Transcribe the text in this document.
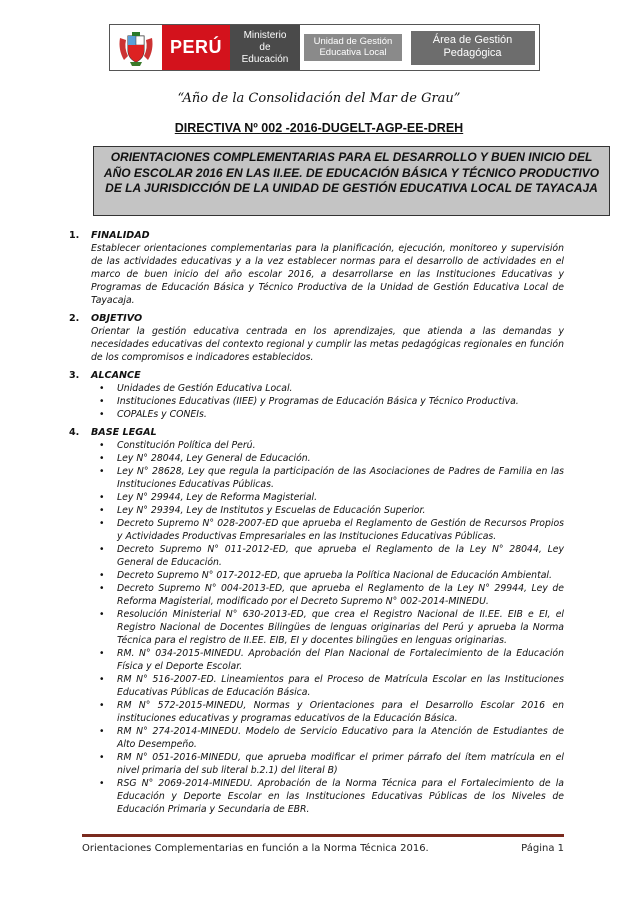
PERÚ
Ministerio
de
Educación
Unidad de Gestión
Educativa Local
Área de Gestión
Pedagógica
“Año de la Consolidación del Mar de Grau”
DIRECTIVA Nº 002 -2016-DUGELT-AGP-EE-DREH

ORIENTACIONES COMPLEMENTARIAS PARA EL DESARROLLO Y BUEN INICIO DEL AÑO ESCOLAR 2016 EN LAS II.EE. DE EDUCACIÓN BÁSICA Y TÉCNICO PRODUCTIVO DE LA JURISDICCIÓN DE LA UNIDAD DE GESTIÓN EDUCATIVA LOCAL DE TAYACAJA

1. FINALIDAD
Establecer orientaciones complementarias para la planificación, ejecución, monitoreo y supervisión de las actividades educativas y a la vez establecer normas para el desarrollo de actividades en el marco de buen inicio del año escolar 2016, a desarrollarse en las Instituciones Educativas y Programas de Educación Básica y Técnico Productiva de la Unidad de Gestión Educativa Local de Tayacaja.
2. OBJETIVO
Orientar la gestión educativa centrada en los aprendizajes, que atienda a las demandas y necesidades educativas del contexto regional y cumplir las metas pedagógicas regionales en función de los compromisos e indicadores establecidos.
3. ALCANCE
• Unidades de Gestión Educativa Local.
• Instituciones Educativas (IIEE) y Programas de Educación Básica y Técnico Productiva.
• COPALEs y CONEIs.
4. BASE LEGAL
• Constitución Política del Perú.
• Ley N° 28044, Ley General de Educación.
• Ley N° 28628, Ley que regula la participación de las Asociaciones de Padres de Familia en las Instituciones Educativas Públicas.
• Ley N° 29944, Ley de Reforma Magisterial.
• Ley N° 29394, Ley de Institutos y Escuelas de Educación Superior.
• Decreto Supremo N° 028-2007-ED que aprueba el Reglamento de Gestión de Recursos Propios y Actividades Productivas Empresariales en las Instituciones Educativas Públicas.
• Decreto Supremo N° 011-2012-ED, que aprueba el Reglamento de la Ley N° 28044, Ley General de Educación.
• Decreto Supremo N° 017-2012-ED, que aprueba la Política Nacional de Educación Ambiental.
• Decreto Supremo N° 004-2013-ED, que aprueba el Reglamento de la Ley N° 29944, Ley de Reforma Magisterial, modificado por el Decreto Supremo N° 002-2014-MINEDU.
• Resolución Ministerial N° 630-2013-ED, que crea el Registro Nacional de II.EE. EIB e EI, el Registro Nacional de Docentes Bilingües de lenguas originarias del Perú y aprueba la Norma Técnica para el registro de II.EE. EIB, EI y docentes bilingües en lenguas originarias.
• RM. N° 034-2015-MINEDU. Aprobación del Plan Nacional de Fortalecimiento de la Educación Física y el Deporte Escolar.
• RM N° 516-2007-ED. Lineamientos para el Proceso de Matrícula Escolar en las Instituciones Educativas Públicas de Educación Básica.
• RM N° 572-2015-MINEDU, Normas y Orientaciones para el Desarrollo Escolar 2016 en instituciones educativas y programas educativos de la Educación Básica.
• RM N° 274-2014-MINEDU. Modelo de Servicio Educativo para la Atención de Estudiantes de Alto Desempeño.
• RM N° 051-2016-MINEDU, que aprueba modificar el primer párrafo del ítem matrícula en el nivel primaria del sub literal b.2.1) del literal B)
• RSG N° 2069-2014-MINEDU. Aprobación de la Norma Técnica para el Fortalecimiento de la Educación y Deporte Escolar en las Instituciones Educativas Públicas de los Niveles de Educación Primaria y Secundaria de EBR.
Orientaciones Complementarias en función a la Norma Técnica 2016.	Página 1
